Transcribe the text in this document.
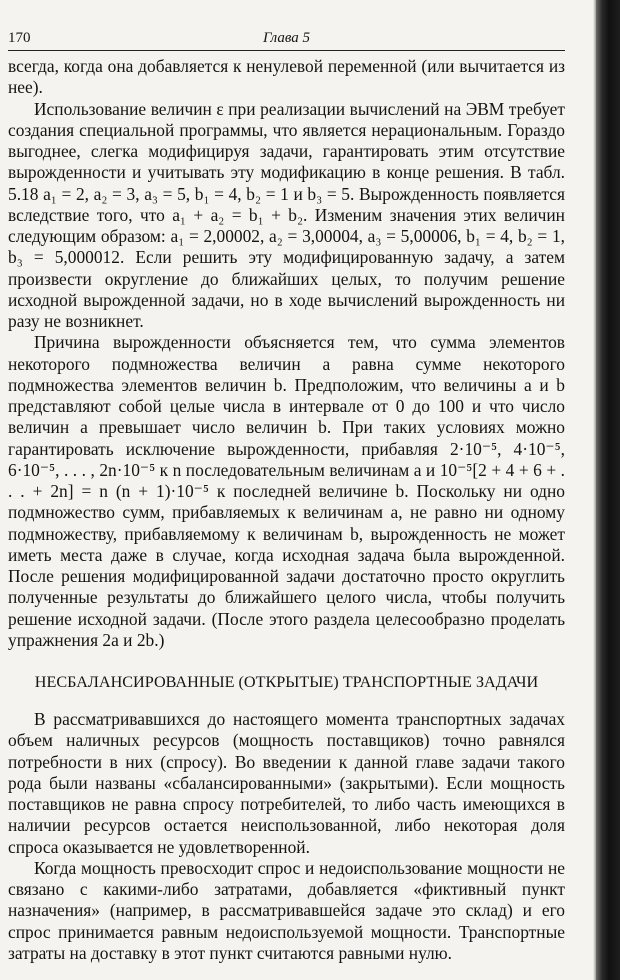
170	Глава 5

всегда, когда она добавляется к ненулевой переменной (или вычитается из нее).

Использование величин ε при реализации вычислений на ЭВМ требует создания специальной программы, что является нерациональным. Гораздо выгоднее, слегка модифицируя задачи, гарантировать этим отсутствие вырожденности и учитывать эту модификацию в конце решения. В табл. 5.18 a₁ = 2, a₂ = 3, a₃ = 5, b₁ = 4, b₂ = 1 и b₃ = 5. Вырожденность появляется вследствие того, что a₁ + a₂ = b₁ + b₂. Изменим значения этих величин следующим образом: a₁ = 2,00002, a₂ = 3,00004, a₃ = 5,00006, b₁ = 4, b₂ = 1, b₃ = 5,000012. Если решить эту модифицированную задачу, а затем произвести округление до ближайших целых, то получим решение исходной вырожденной задачи, но в ходе вычислений вырожденность ни разу не возникнет.

Причина вырожденности объясняется тем, что сумма элементов некоторого подмножества величин a равна сумме некоторого подмножества элементов величин b. Предположим, что величины a и b представляют собой целые числа в интервале от 0 до 100 и что число величин a превышает число величин b. При таких условиях можно гарантировать исключение вырожденности, прибавляя 2·10⁻⁵, 4·10⁻⁵, 6·10⁻⁵, . . . , 2n·10⁻⁵ к n последовательным величинам a и 10⁻⁵[2 + 4 + 6 + . . . + 2n] = n (n + 1)·10⁻⁵ к последней величине b. Поскольку ни одно подмножество сумм, прибавляемых к величинам a, не равно ни одному подмножеству, прибавляемому к величинам b, вырожденность не может иметь места даже в случае, когда исходная задача была вырожденной. После решения модифицированной задачи достаточно просто округлить полученные результаты до ближайшего целого числа, чтобы получить решение исходной задачи. (После этого раздела целесообразно проделать упражнения 2a и 2b.)

НЕСБАЛАНСИРОВАННЫЕ (ОТКРЫТЫЕ) ТРАНСПОРТНЫЕ ЗАДАЧИ

В рассматривавшихся до настоящего момента транспортных задачах объем наличных ресурсов (мощность поставщиков) точно равнялся потребности в них (спросу). Во введении к данной главе задачи такого рода были названы «сбалансированными» (закрытыми). Если мощность поставщиков не равна спросу потребителей, то либо часть имеющихся в наличии ресурсов остается неиспользованной, либо некоторая доля спроса оказывается не удовлетворенной.

Когда мощность превосходит спрос и недоиспользование мощности не связано с какими-либо затратами, добавляется «фиктивный пункт назначения» (например, в рассматривавшейся задаче это склад) и его спрос принимается равным недоиспользуемой мощности. Транспортные затраты на доставку в этот пункт считаются равными нулю.
